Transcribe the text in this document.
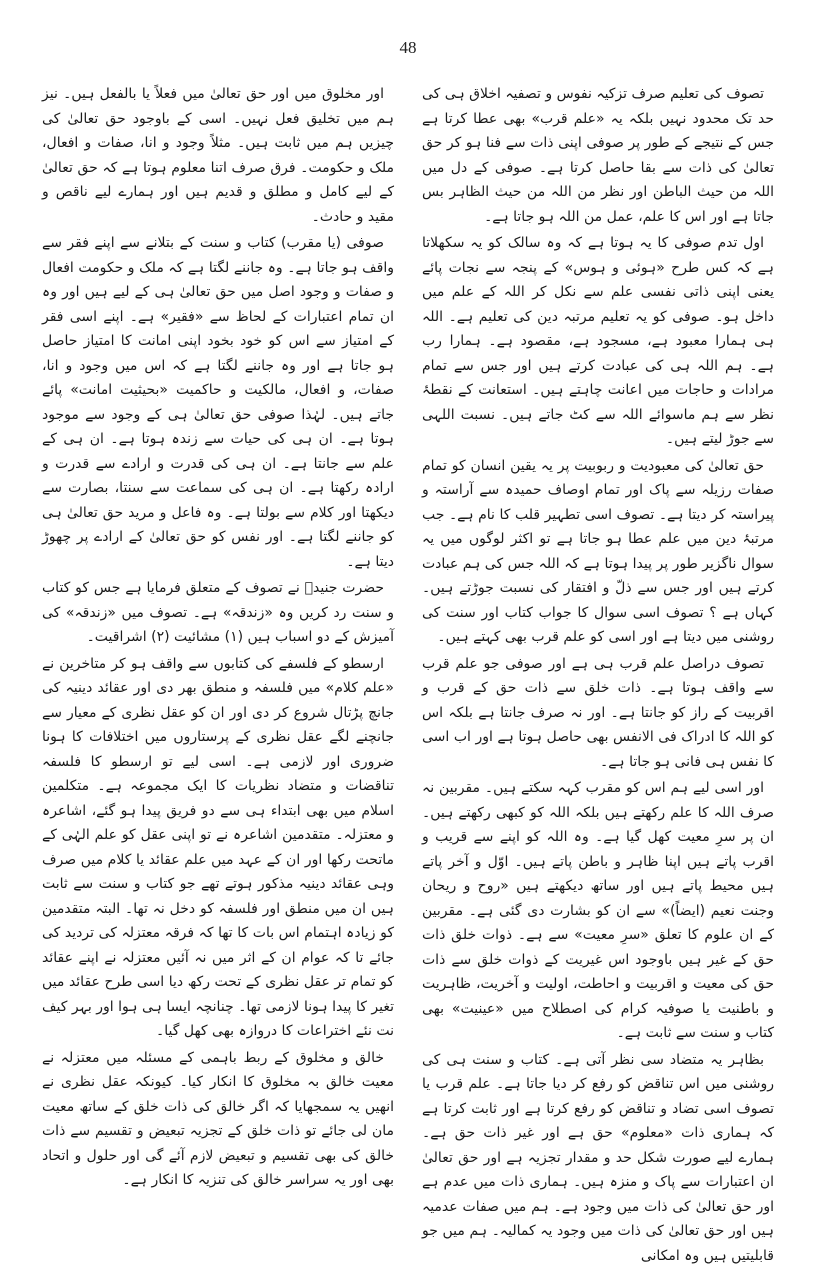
48

تصوف کی تعلیم صرف تزکیہ نفوس و تصفیہ اخلاق ہی کی حد تک محدود نہیں بلکہ یہ «علم قرب» بھی عطا کرتا ہے جس کے نتیجے کے طور پر صوفی اپنی ذات سے فنا ہو کر حق تعالیٰ کی ذات سے بقا حاصل کرتا ہے۔ صوفی کے دل میں اللہ من حیث الباطن اور نظر من اللہ من حیث الظاہر بس جاتا ہے اور اس کا علم، عمل من اللہ ہو جاتا ہے۔

اول تدم صوفی کا یہ ہوتا ہے کہ وہ سالک کو یہ سکھلاتا ہے کہ کس طرح «ہوئی و ہوس» کے پنجہ سے نجات پائے یعنی اپنی ذاتی نفسی علم سے نکل کر اللہ کے علم میں داخل ہو۔ صوفی کو یہ تعلیم مرتبہ دین کی تعلیم ہے۔ اللہ ہی ہمارا معبود ہے، مسجود ہے، مقصود ہے۔ ہمارا رب ہے۔ ہم اللہ ہی کی عبادت کرتے ہیں اور جس سے تمام مرادات و حاجات میں اعانت چاہتے ہیں۔ استعانت کے نقطۂ نظر سے ہم ماسوائے اللہ سے کٹ جاتے ہیں۔ نسبت اللہی سے جوڑ لیتے ہیں۔

حق تعالیٰ کی معبودیت و ربوبیت پر یہ یقین انسان کو تمام صفات رزیلہ سے پاک اور تمام اوصاف حمیدہ سے آراستہ و پیراستہ کر دیتا ہے۔ تصوف اسی تطہیر قلب کا نام ہے۔ جب مرتبۂ دین میں علم عطا ہو جاتا ہے تو اکثر لوگوں میں یہ سوال ناگزیر طور پر پیدا ہوتا ہے کہ اللہ جس کی ہم عبادت کرتے ہیں اور جس سے ذلّ و افتقار کی نسبت جوڑتے ہیں۔ کہاں ہے ؟ تصوف اسی سوال کا جواب کتاب اور سنت کی روشنی میں دیتا ہے اور اسی کو علم قرب بھی کہتے ہیں۔

تصوف دراصل علم قرب ہی ہے اور صوفی جو علم قرب سے واقف ہوتا ہے۔ ذات خلق سے ذات حق کے قرب و اقربیت کے راز کو جانتا ہے۔ اور نہ صرف جانتا ہے بلکہ اس کو اللہ کا ادراک فی الانفس بھی حاصل ہوتا ہے اور اب اسی کا نفس ہی فانی ہو جاتا ہے۔

اور اسی لیے ہم اس کو مقرب کہہ سکتے ہیں۔ مقربین نہ صرف اللہ کا علم رکھتے ہیں بلکہ اللہ کو کبھی رکھتے ہیں۔ ان پر سرِ معیت کھل گیا ہے۔ وہ اللہ کو اپنے سے قریب و اقرب پاتے ہیں اپنا ظاہر و باطن پاتے ہیں۔ اوّل و آخر پاتے ہیں محیط پاتے ہیں اور ساتھ دیکھتے ہیں «روح و ریحان وجنت نعیم (ایضاً)» سے ان کو بشارت دی گئی ہے۔ مقربین کے ان علوم کا تعلق «سرِ معیت» سے ہے۔ ذوات خلق ذات حق کے غیر ہیں باوجود اس غیریت کے ذوات خلق سے ذات حق کی معیت و اقربیت و احاطت، اولیت و آخریت، ظاہریت و باطنیت یا صوفیہ کرام کی اصطلاح میں «عینیت» بھی کتاب و سنت سے ثابت ہے۔

بظاہر یہ متضاد سی نظر آتی ہے۔ کتاب و سنت ہی کی روشنی میں اس تناقض کو رفع کر دیا جاتا ہے۔ علم قرب یا تصوف اسی تضاد و تناقض کو رفع کرتا ہے اور ثابت کرتا ہے کہ ہماری ذات «معلوم» حق ہے اور غیر ذات حق ہے۔ ہمارے لیے صورت شکل حد و مقدار تجزیہ ہے اور حق تعالیٰ ان اعتبارات سے پاک و منزہ ہیں۔ ہماری ذات میں عدم ہے اور حق تعالیٰ کی ذات میں وجود ہے۔ ہم میں صفات عدمیہ ہیں اور حق تعالیٰ کی ذات میں وجود یہ کمالیہ۔ ہم میں جو قابلیتیں ہیں وہ امکانی

اور مخلوق میں اور حق تعالیٰ میں فعلاً یا بالفعل ہیں۔ نیز ہم میں تخلیق فعل نہیں۔ اسی کے باوجود حق تعالیٰ کی چیزیں ہم میں ثابت ہیں۔ مثلاً وجود و انا، صفات و افعال، ملک و حکومت۔ فرق صرف اتنا معلوم ہوتا ہے کہ حق تعالیٰ کے لیے کامل و مطلق و قدیم ہیں اور ہمارے لیے ناقص و مقید و حادث۔

صوفی (یا مقرب) کتاب و سنت کے بتلانے سے اپنے فقر سے واقف ہو جاتا ہے۔ وہ جاننے لگتا ہے کہ ملک و حکومت افعال و صفات و وجود اصل میں حق تعالیٰ ہی کے لیے ہیں اور وہ ان تمام اعتبارات کے لحاظ سے «فقیر» ہے۔ اپنے اسی فقر کے امتیاز سے اس کو خود بخود اپنی امانت کا امتیاز حاصل ہو جاتا ہے اور وہ جاننے لگتا ہے کہ اس میں وجود و انا، صفات، و افعال، مالکیت و حاکمیت «بحیثیت امانت» پائے جاتے ہیں۔ لہٰذا صوفی حق تعالیٰ ہی کے وجود سے موجود ہوتا ہے۔ ان ہی کی حیات سے زندہ ہوتا ہے۔ ان ہی کے علم سے جانتا ہے۔ ان ہی کی قدرت و ارادے سے قدرت و ارادہ رکھتا ہے۔ ان ہی کی سماعت سے سنتا، بصارت سے دیکھتا اور کلام سے بولتا ہے۔ وہ فاعل و مرید حق تعالیٰ ہی کو جاننے لگتا ہے۔ اور نفس کو حق تعالیٰ کے ارادے پر چھوڑ دیتا ہے۔

حضرت جنیدؒ نے تصوف کے متعلق فرمایا ہے جس کو کتاب و سنت رد کریں وہ «زندقہ» ہے۔ تصوف میں «زندقہ» کی آمیزش کے دو اسباب ہیں (۱) مشائیت (۲) اشراقیت۔

ارسطو کے فلسفے کی کتابوں سے واقف ہو کر متاخرین نے «علم کلام» میں فلسفہ و منطق بھر دی اور عقائد دینیہ کی جانچ پڑتال شروع کر دی اور ان کو عقل نظری کے معیار سے جانچنے لگے عقل نظری کے پرستاروں میں اختلافات کا ہونا ضروری اور لازمی ہے۔ اسی لیے تو ارسطو کا فلسفہ تناقضات و متضاد نظریات کا ایک مجموعہ ہے۔ متکلمین اسلام میں بھی ابتداء ہی سے دو فریق پیدا ہو گئے، اشاعرہ و معتزلہ۔ متقدمین اشاعرہ نے تو اپنی عقل کو علم الہٰی کے ماتحت رکھا اور ان کے عہد میں علم عقائد یا کلام میں صرف وہی عقائد دینیہ مذکور ہوتے تھے جو کتاب و سنت سے ثابت ہیں ان میں منطق اور فلسفہ کو دخل نہ تھا۔ البتہ متقدمین کو زیادہ اہتمام اس بات کا تھا کہ فرقہ معتزلہ کی تردید کی جائے تا کہ عوام ان کے اثر میں نہ آئیں معتزلہ نے اپنے عقائد کو تمام تر عقل نظری کے تحت رکھ دیا اسی طرح عقائد میں تغیر کا پیدا ہونا لازمی تھا۔ چنانچہ ایسا ہی ہوا اور بہر کیف نت نئے اختراعات کا دروازہ بھی کھل گیا۔

خالق و مخلوق کے ربط باہمی کے مسئلہ میں معتزلہ نے معیت خالق بہ مخلوق کا انکار کیا۔ کیونکہ عقل نظری نے انھیں یہ سمجھایا کہ اگر خالق کی ذات خلق کے ساتھ معیت مان لی جائے تو ذات خلق کے تجزیہ تبعیض و تقسیم سے ذات خالق کی بھی تقسیم و تبعیض لازم آئے گی اور حلول و اتحاد بھی اور یہ سراسر خالق کی تنزیہ کا انکار ہے۔
